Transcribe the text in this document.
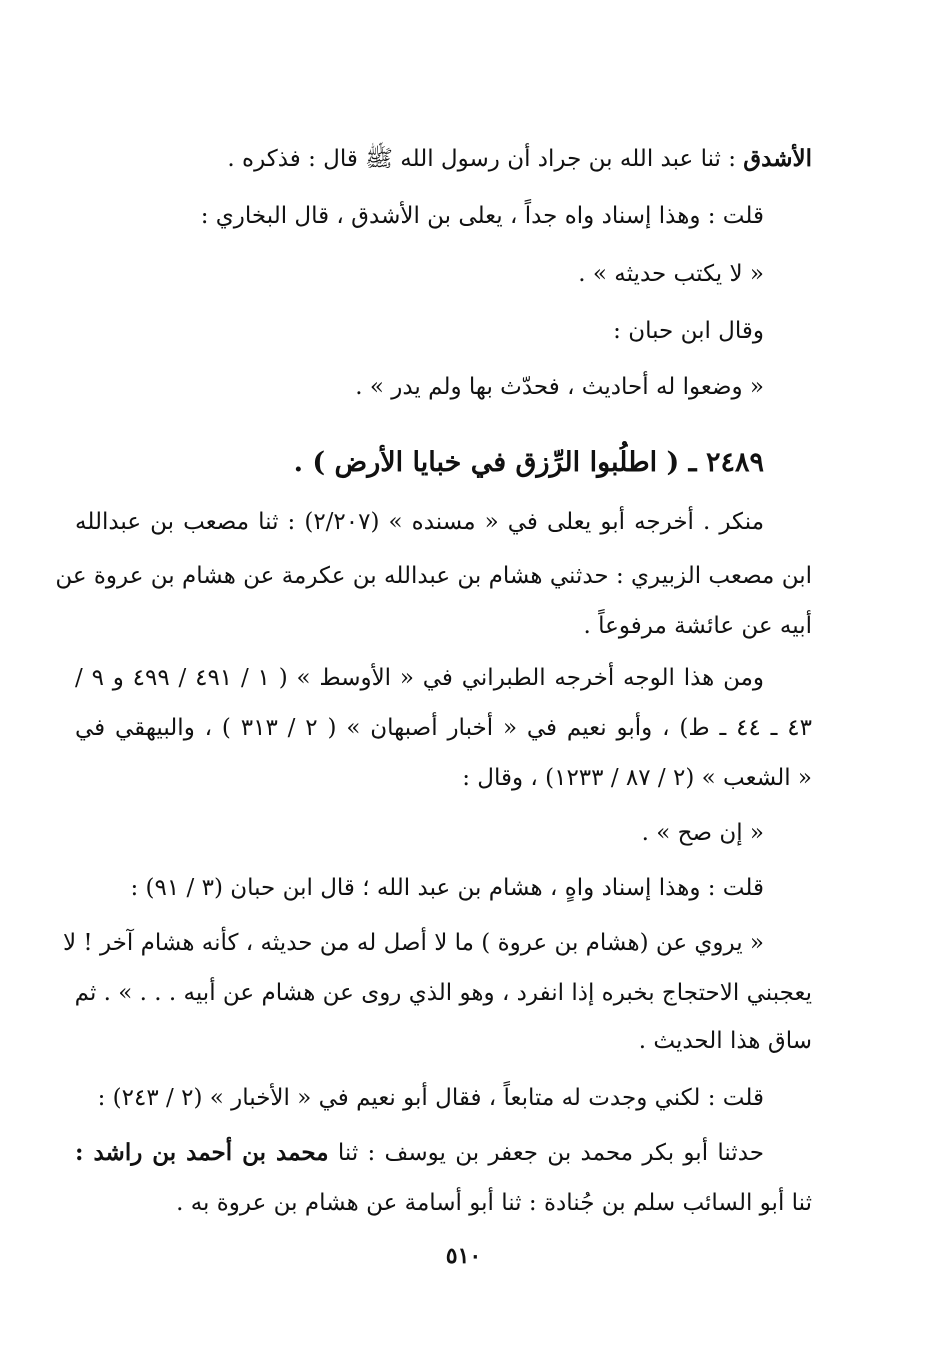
الأشدق : ثنا عبد الله بن جراد أن رسول الله ﷺ قال : فذكره .
قلت : وهذا إسناد واه جداً ، يعلى بن الأشدق ، قال البخاري :
« لا يكتب حديثه » .
وقال ابن حبان :
« وضعوا له أحاديث ، فحدّث بها ولم يدر » .
٢٤٨٩ ـ ( اطلُبوا الرِّزق في خبايا الأرض ) .
منكر . أخرجه أبو يعلى في « مسنده » (٢/٢٠٧) : ثنا مصعب بن عبدالله
ابن مصعب الزبيري : حدثني هشام بن عبدالله بن عكرمة عن هشام بن عروة عن
أبيه عن عائشة مرفوعاً .
ومن هذا الوجه أخرجه الطبراني في « الأوسط » ( ١ / ٤٩١ / ٤٩٩ و ٩ /
٤٣ ـ ٤٤ ـ ط) ، وأبو نعيم في « أخبار أصبهان » ( ٢ / ٣١٣ ) ، والبيهقي في
« الشعب » (٢ / ٨٧ / ١٢٣٣) ، وقال :
« إن صح » .
قلت : وهذا إسناد واهٍ ، هشام بن عبد الله ؛ قال ابن حبان (٣ / ٩١) :
« يروي عن (هشام بن عروة ) ما لا أصل له من حديثه ، كأنه هشام آخر ! لا
يعجبني الاحتجاج بخبره إذا انفرد ، وهو الذي روى عن هشام عن أبيه . . . » . ثم
ساق هذا الحديث .
قلت : لكني وجدت له متابعاً ، فقال أبو نعيم في « الأخبار » (٢ / ٢٤٣) :
حدثنا أبو بكر محمد بن جعفر بن يوسف : ثنا محمد بن أحمد بن راشد :
ثنا أبو السائب سلم بن جُنادة : ثنا أبو أسامة عن هشام بن عروة به .
٥١٠
